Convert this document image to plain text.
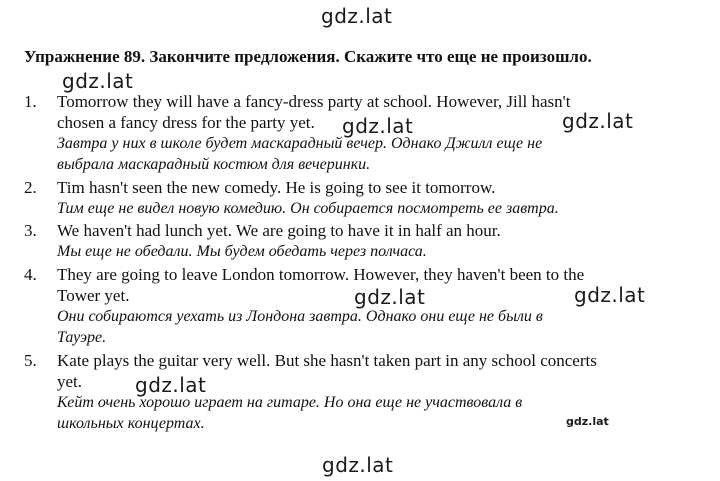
Упражнение 89. Закончите предложения. Скажите что еще не произошло.
1. Tomorrow they will have a fancy-dress party at school. However, Jill hasn't
chosen a fancy dress for the party yet.
Завтра у них в школе будет маскарадный вечер. Однако Джилл еще не
выбрала маскарадный костюм для вечеринки.
2. Tim hasn't seen the new comedy. He is going to see it tomorrow.
Тим еще не видел новую комедию. Он собирается посмотреть ее завтра.
3. We haven't had lunch yet. We are going to have it in half an hour.
Мы еще не обедали. Мы будем обедать через полчаса.
4. They are going to leave London tomorrow. However, they haven't been to the
Tower yet.
Они собираются уехать из Лондона завтра. Однако они еще не были в
Тауэре.
5. Kate plays the guitar very well. But she hasn't taken part in any school concerts
yet.
Кейт очень хорошо играет на гитаре. Но она еще не участвовала в
школьных концертах.
gdz.lat
gdz.lat
gdz.lat	gdz.lat
gdz.lat	gdz.lat
gdz.lat
gdz.lat
gdz.lat
